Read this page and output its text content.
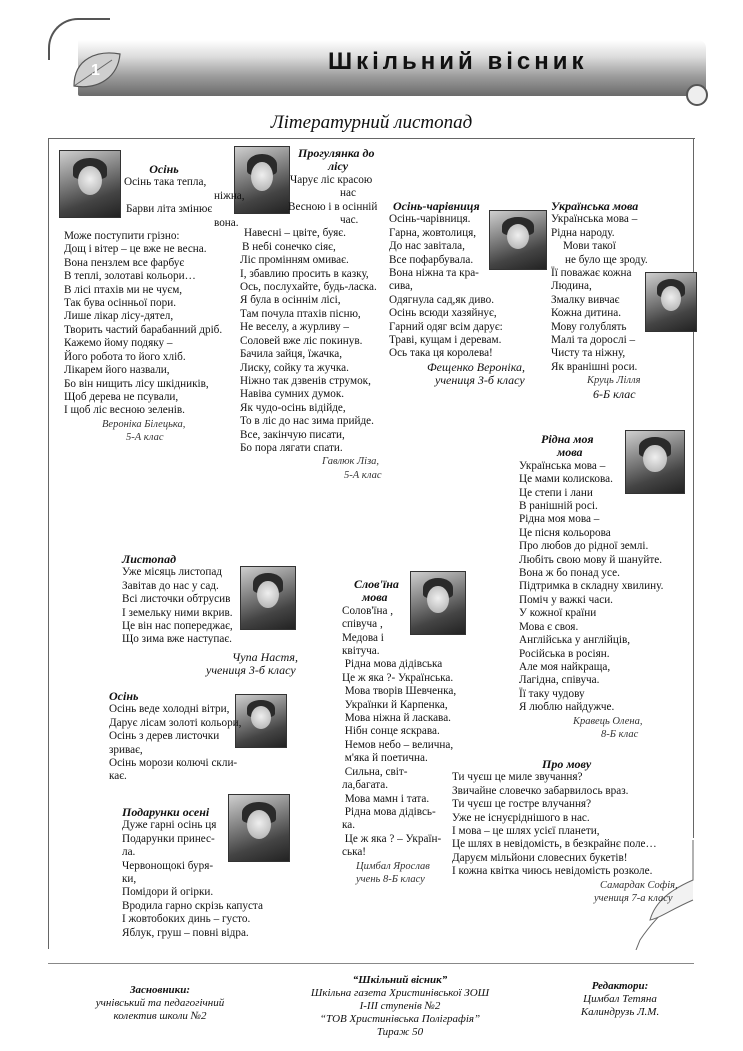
1	Шкільний вісник
Літературний листопад

Осінь

Осінь така тепла,

ніжна,

Барви літа змінює

вона.

Може поступити грізно:

Дощ і вітер – це вже не весна.

Вона пензлем все фарбує

В теплі, золотаві кольори…

В лісі птахів ми не чуєм,

Так бува осінньої пори.

Лише лікар лісу-дятел,

Творить частий барабанний дріб.

Кажемо йому подяку –

Його робота то його хліб.

Лікарем його назвали,

Бо він нищить лісу шкідників,

Щоб дерева не псували,

І щоб ліс весною зеленів.

Вероніка Білецька,

5-А клас

Прогулянка до

лісу

Чарує ліс красою

нас

Весною і в осінній

час.

Навесні – цвіте, буяє.

В небі сонечко сіяє,

Ліс промінням омиває.

І, збавлию просить в казку,

Ось, послухайте, будь-ласка.

Я була в осіннім лісі,

Там почула птахів пісню,

Не веселу, а журливу –

Соловей вже ліс покинув.

Бачила зайця, їжачка,

Лиску, сойку та жучка.

Ніжно так дзвенів струмок,

Навіва сумних думок.

Як чудо-осінь відійде,

То в ліс до нас зима прийде.

Все, закінчую писати,

Бо пора лягати спати.

Гавлюк Ліза,

5-А клас

Осінь-чарівниця

Осінь-чарівниця.

Гарна, жовтолиця,

До нас завітала,

Все пофарбувала.

Вона ніжна та кра-

сива,

Одягнула сад,як диво.

Осінь всюди хазяйнує,

Гарний одяг всім дарує:

Траві, кущам і деревам.

Ось така ця королева!

Фещенко Вероніка,

учениця 3-б класу

Українська мова

Українська мова –

Рідна народу.

Мови такої

не було ще зроду.

Її поважає кожна

Людина,

Змалку вивчає

Кожна дитина.

Мову голублять

Малі та дорослі –

Чисту та ніжну,

Як вранішні роси.

Круць Лілля

6-Б клас

Рідна моя

мова

Українська мова –

Це мами колискова.

Це степи і лани

В ранішній росі.

Рідна моя мова –

Це пісня кольорова

Про любов до рідної землі.

Любіть свою мову й шануйте.

Вона ж бо понад усе.

Підтримка в складну хвилину.

Поміч у важкі часи.

У кожної країни

Мова є своя.

Англійська у англійців,

Російська в росіян.

Але моя найкраща,

Лагідна, співуча.

Її таку чудову

Я люблю найдужче.

Кравець Олена,

8-Б клас

Листопад

Уже місяць листопад

Завітав до нас у сад.

Всі листочки обтрусив

І земельку ними вкрив.

Це він нас попереджає,

Що зима вже наступає.

Чупа Настя,

учениця 3-б класу

Осінь

Осінь веде холодні вітри,

Дарує лісам золоті кольори,

Осінь з дерев листочки

зриває,

Осінь морози колючі скли-

кає.

Слов'їна

мова

Солов'їна ,

співуча ,

Медова і

квітуча.

Рідна мова дідівська

Це ж яка ?- Українська.

Мова творів Шевченка,

Українки й Карпенка,

Мова ніжна й ласкава.

Нібн сонце яскрава.

Немов небо – велична,

м'яка й поетична.

Сильна, світ-

ла,багата.

Мова мамн і тата.

Рідна мова дідівсь-

ка.

Це ж яка ? – Україн-

ська!

Цимбал Ярослав

учень 8-Б класу

Подарунки осені

Дуже гарні осінь ця

Подарунки принес-

ла.

Червонощокі буря-

ки,

Помідори й огірки.

Вродила гарно скрізь капуста

І жовтобоких динь – густо.

Яблук, груш – повні відра.

Про мову

Ти чуєш це миле звучання?

Звичайне словечко забарвилось враз.

Ти чуєш це гостре влучання?

Уже не існуєріднішого в нас.

І мова – це шлях усієї планети,

Це шлях в невідомість, в безкрайнє поле…

Даруєм мільйони словесних букетів!

І кожна квітка чиюсь невідомість розколе.

Самардак Софія,

учениця 7-а класу

Засновники:
учнівський та педагогічний
колектив школи №2
“Шкільний вісник”
Шкільна газета Христинівської ЗОШ
І-ІІІ ступенів №2
“ТОВ Христинівська Поліграфія”
Тираж 50
Редактори:
Цимбал Тетяна
Калиндрузь Л.М.
